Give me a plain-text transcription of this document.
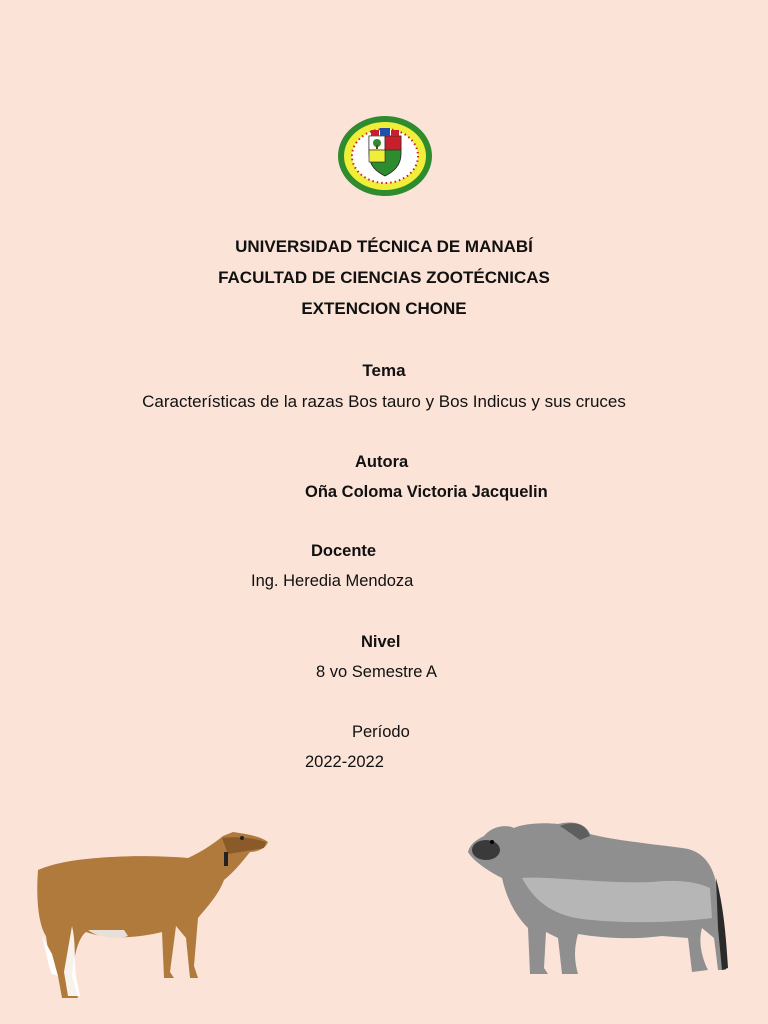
UNIVERSIDAD TÉCNICA DE MANABÍ
FACULTAD DE CIENCIAS ZOOTÉCNICAS
EXTENCION CHONE
Tema
Características de la razas Bos tauro y Bos Indicus y sus cruces
Autora
Oña Coloma Victoria Jacquelin
Docente
Ing. Heredia Mendoza
Nivel
8 vo Semestre A
Período
2022-2022
